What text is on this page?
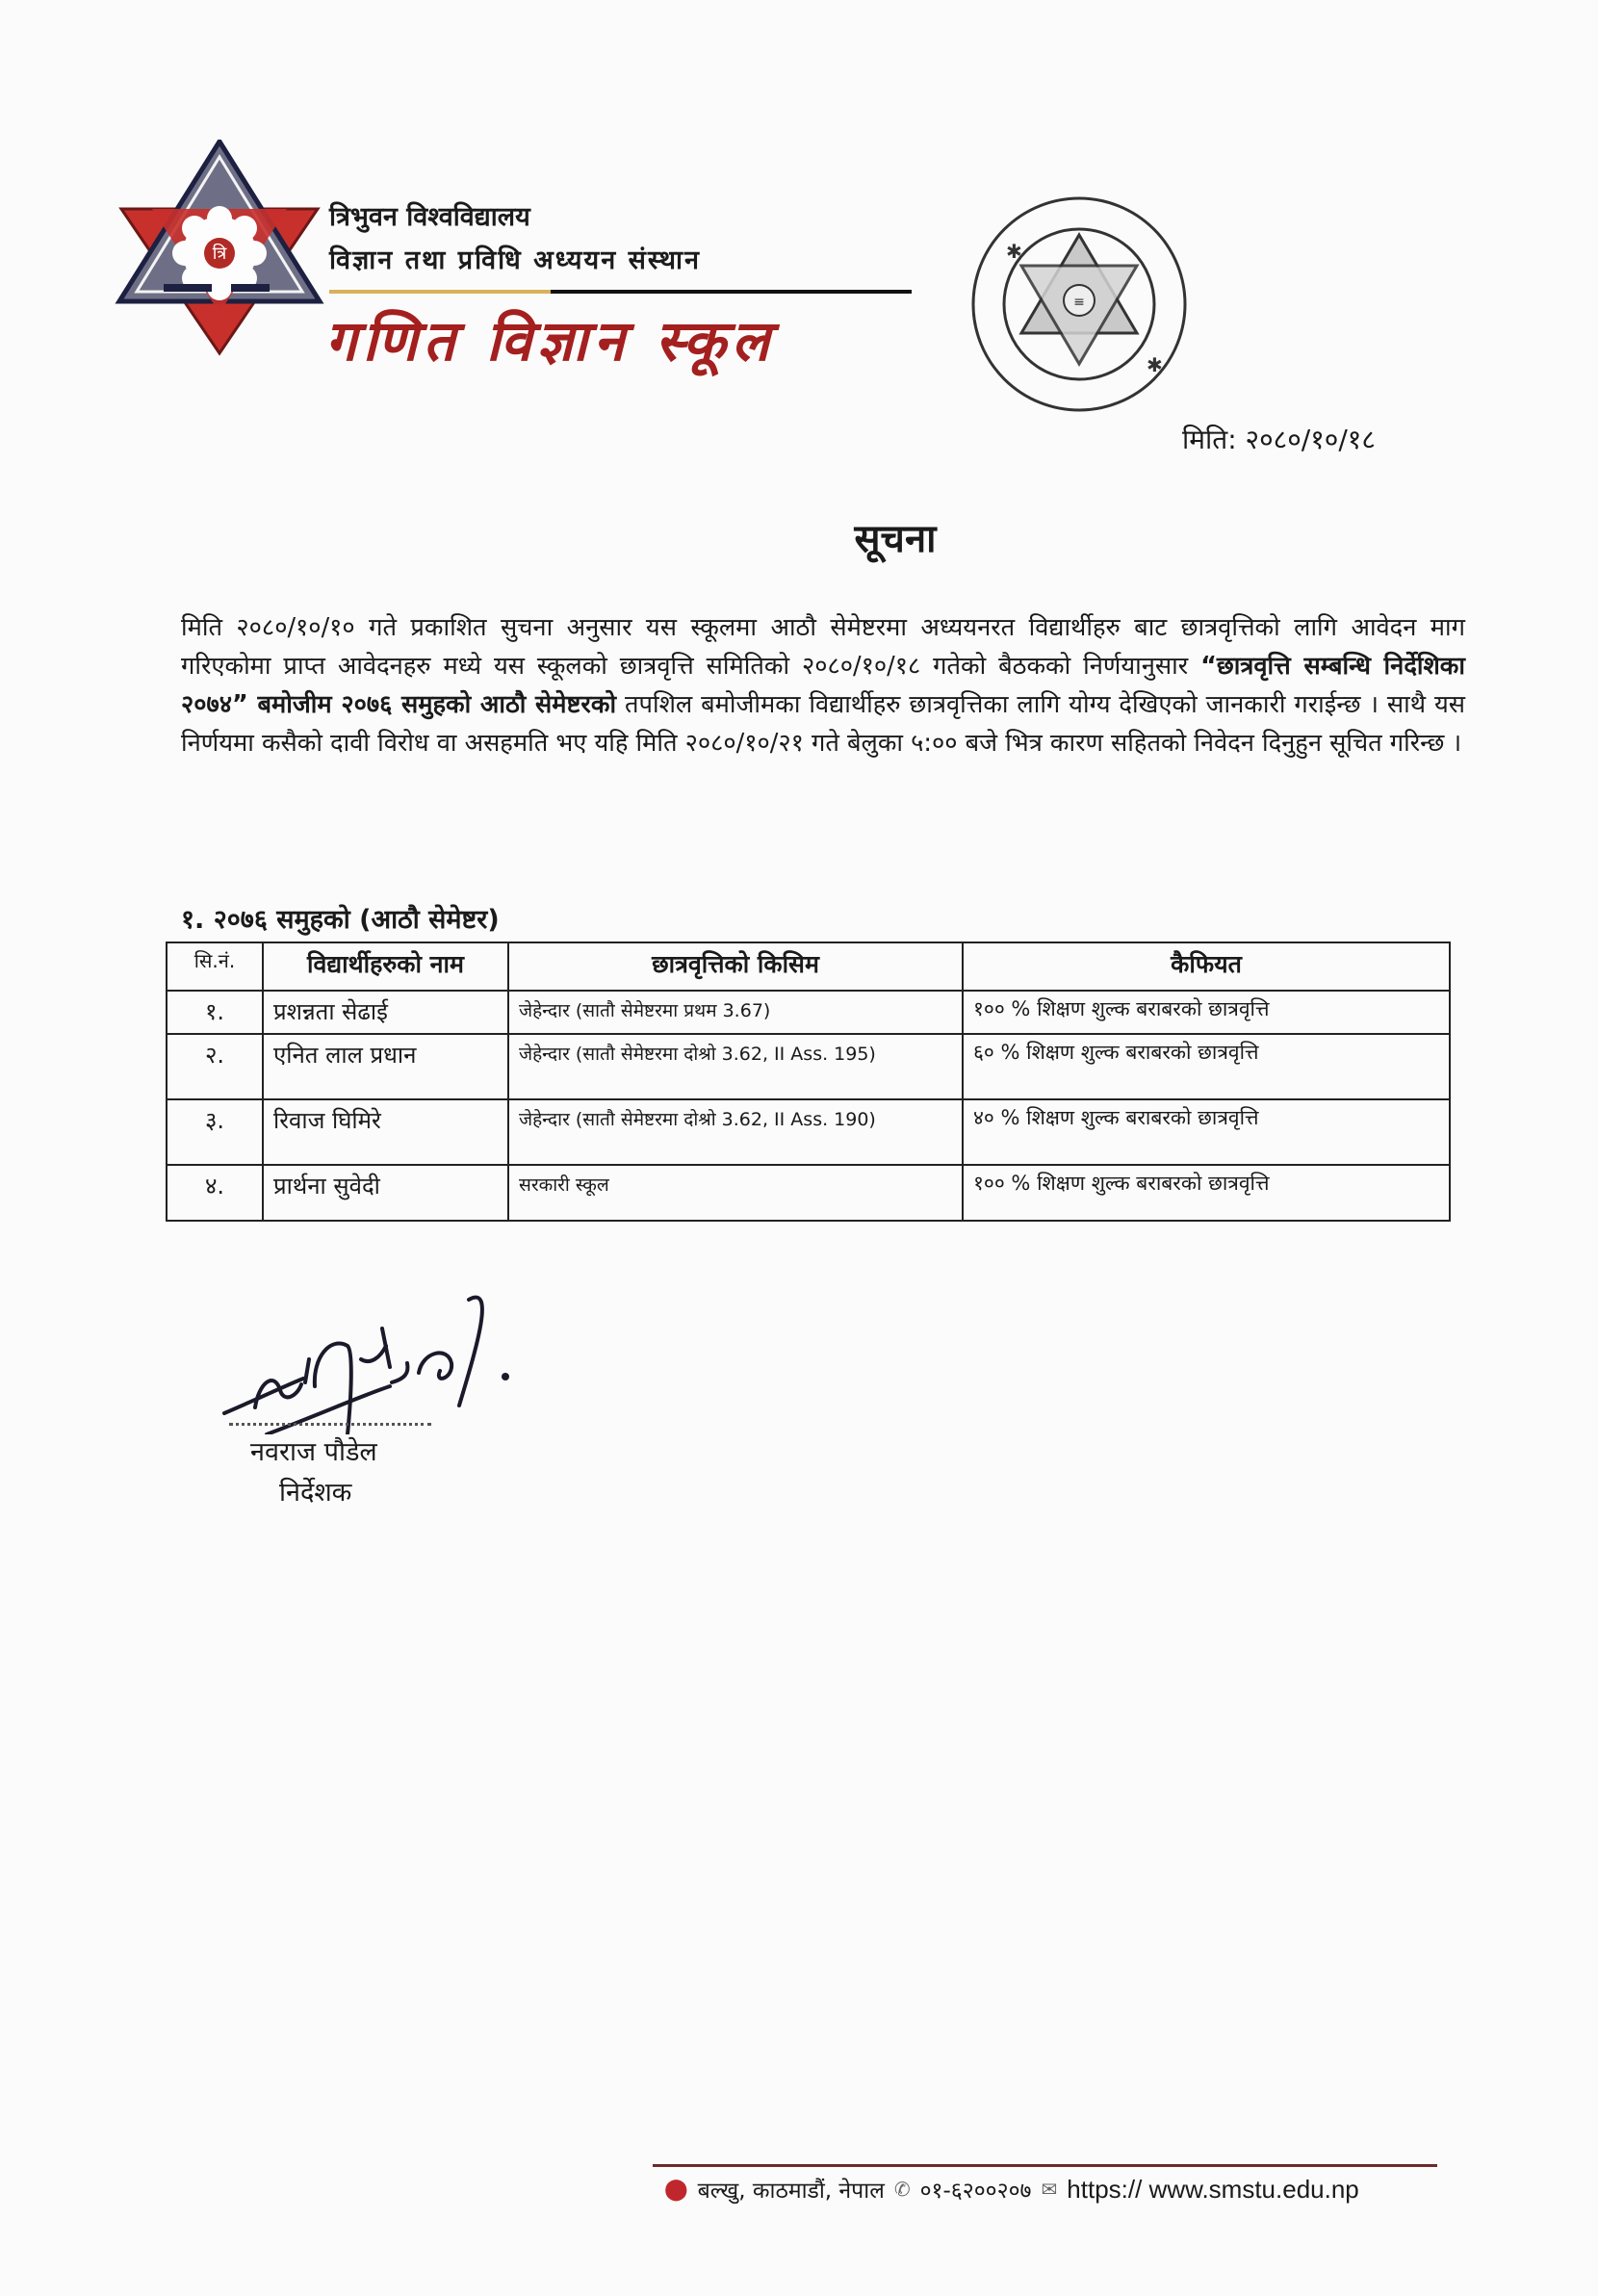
त्रि
त्रिभुवन विश्वविद्यालय
विज्ञान तथा प्रविधि अध्ययन संस्थान
गणित विज्ञान स्कूल
≡
✱
✱
मिति: २०८०/१०/१८
सूचना
मिति २०८०/१०/१० गते प्रकाशित सुचना अनुसार यस स्कूलमा आठौ सेमेष्टरमा अध्ययनरत विद्यार्थीहरु बाट छात्रवृत्तिको लागि आवेदन माग गरिएकोमा प्राप्त आवेदनहरु मध्ये यस स्कूलको छात्रवृत्ति समितिको २०८०/१०/१८ गतेको बैठकको निर्णयानुसार “छात्रवृत्ति सम्बन्धि निर्देशिका २०७४” बमोजीम २०७६ समुहको आठौ सेमेष्टरको तपशिल बमोजीमका विद्यार्थीहरु छात्रवृत्तिका लागि योग्य देखिएको जानकारी गराईन्छ । साथै यस निर्णयमा कसैको दावी विरोध वा असहमति भए यहि मिति २०८०/१०/२१ गते बेलुका ५:०० बजे भित्र कारण सहितको निवेदन दिनुहुन सूचित गरिन्छ ।
१. २०७६ समुहको (आठौ सेमेष्टर)
सि.नं.	विद्यार्थीहरुको नाम	छात्रवृत्तिको किसिम	कैफियत
१.	प्रशन्नता सेढाई	जेहेन्दार (सातौ सेमेष्टरमा प्रथम 3.67)	१०० % शिक्षण शुल्क बराबरको छात्रवृत्ति
२.	एनित लाल प्रधान	जेहेन्दार (सातौ सेमेष्टरमा दोश्रो 3.62, II Ass. 195)	६० % शिक्षण शुल्क बराबरको छात्रवृत्ति
३.	रिवाज घिमिरे	जेहेन्दार (सातौ सेमेष्टरमा दोश्रो 3.62, II Ass. 190)	४० % शिक्षण शुल्क बराबरको छात्रवृत्ति
४.	प्रार्थना सुवेदी	सरकारी स्कूल	१०० % शिक्षण शुल्क बराबरको छात्रवृत्ति
नवराज पौडेल
निर्देशक
⬤ बल्खु, काठमाडौं, नेपाल ✆ ०१-६२००२०७ ✉ https:// www.smstu.edu.np
